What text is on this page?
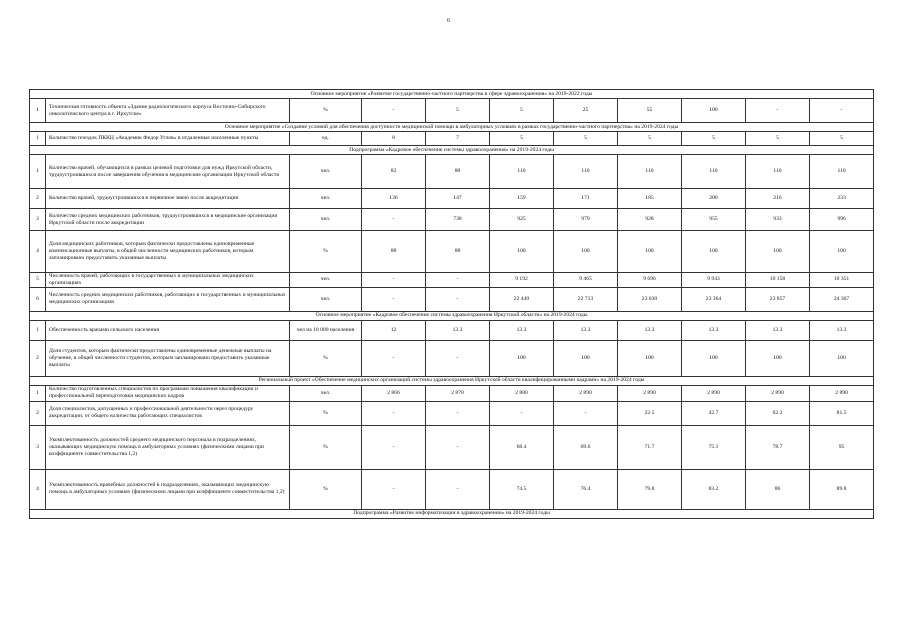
6
Основное мероприятие «Развитие государственно-частного партнерства в сфере здравоохранения» на 2019-2022 годы										
1	Техническая готовность объекта «Здание радиологического корпуса Восточно-Сибирского онкологического центра в г. Иркутске»	%	-	5	5	25	55	100	-	-
Основное мероприятие «Создание условий для обеспечения доступности медицинской помощи в амбулаторных условиях в рамках государственно-частного партнерства» на 2019-2024 годы										
1	Количество поездок ПККЦ «Академик Федор Углов» в отдаленные населенные пункты	ед.	8	7	5	5	5	5	5	5
Подпрограмма «Кадровое обеспечение системы здравоохранения» на 2019-2024 годы										
1	Количество врачей, обучающихся в рамках целевой подготовки для нужд Иркутской области, трудоустроившихся после завершения обучения в медицинские организации Иркутской области	чел.	82	80	110	110	110	110	110	110
2	Количество врачей, трудоустроившихся в первичное звено после аккредитации	чел.	136	147	159	171	185	200	216	233
3	Количество средних медицинских работников, трудоустроившихся в медицинские организации Иркутской области после аккредитации	чел.	-	738	925	979	928	955	933	996
4	Доля медицинских работников, которым фактически предоставлены единовременные компенсационные выплаты, в общей численности медицинских работников, которым запланировано предоставить указанные выплаты	%	88	88	100	100	100	100	100	100
5	Численность врачей, работающих в государственных и муниципальных медицинских организациях	чел.	-	-	9 192	9 465	9 696	9 943	10 158	10 351
6	Численность средних медицинских работников, работающих в государственных и муниципальных медицинских организациях	чел.	-	-	22 449	22 713	23 030	23 364	23 857	24 367
Основное мероприятие «Кадровое обеспечение системы здравоохранения Иркутской области» на 2019-2024 годы										
1	Обеспеченность врачами сельского населения	чел на 10 000 населения	12	13.3	13.3	13.3	13.3	13.3	13.3	13.3
2	Доля студентов, которым фактически предоставлены единовременные денежные выплаты на обучение, в общей численности студентов, которым запланировано предоставить указанные выплаты	%	-	-	100	100	100	100	100	100
Региональный проект «Обеспечение медицинских организаций системы здравоохранения Иркутской области квалифицированными кадрами» на 2019-2024 годы										
1	Количество подготовленных специалистов по программам повышения квалификации и профессиональной переподготовки медицинских кадров	чел.	2 866	2 870	2 880	2 890	2 890	2 890	2 890	2 890
2	Доля специалистов, допущенных к профессиональной деятельности через процедуру аккредитации, от общего количества работающих специалистов	%	-	-	-	-	22.5	42.7	62.3	81.5
3	Укомплектованность должностей среднего медицинского персонала в подразделениях, оказывающих медицинскую помощь в амбулаторных условиях (физическими лицами при коэффициенте совместительства 1,2)	%	-	-	68.4	69.6	71.7	75.1	78.7	95
4	Укомплектованность врачебных должностей в подразделениях, оказывающих медицинскую помощь в амбулаторных условиях (физическими лицами при коэффициенте совместительства 1,2)	%	-	-	74.5	76.4	79.8	83.2	86	89.8
Подпрограмма «Развитие информатизации в здравоохранении» на 2019-2024 годы										
